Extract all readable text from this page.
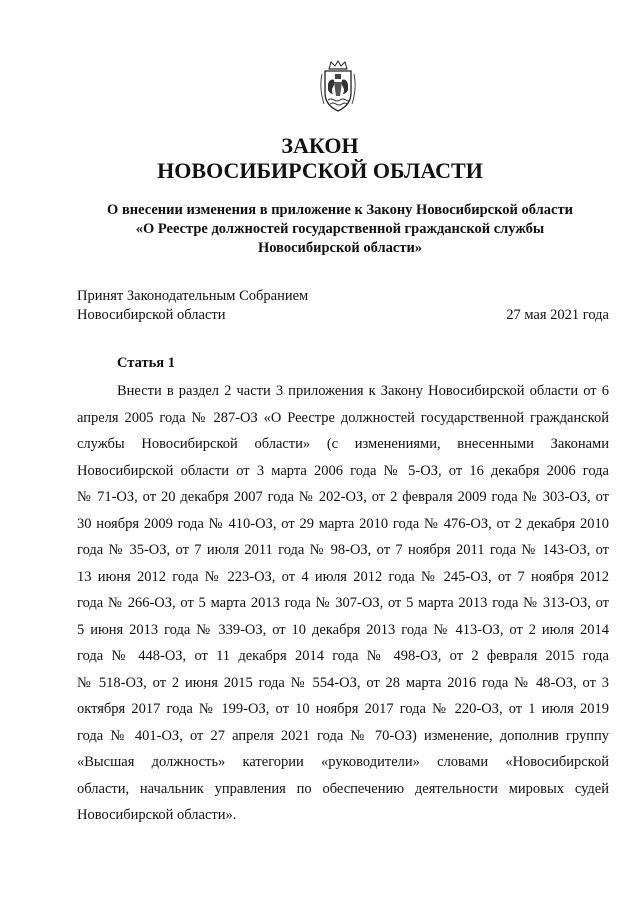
ЗАКОН
НОВОСИБИРСКОЙ ОБЛАСТИ
О внесении изменения в приложение к Закону Новосибирской области
«О Реестре должностей государственной гражданской службы
Новосибирской области»
Принят Законодательным Собранием
Новосибирской области	27 мая 2021 года
Статья 1
Внести в раздел 2 части 3 приложения к Закону Новосибирской области от 6
апреля 2005 года № 287-ОЗ «О Реестре должностей государственной гражданской
службы Новосибирской области» (с изменениями, внесенными Законами
Новосибирской области от 3 марта 2006 года № 5-ОЗ, от 16 декабря 2006 года
№ 71-ОЗ, от 20 декабря 2007 года № 202-ОЗ, от 2 февраля 2009 года № 303-ОЗ, от
30 ноября 2009 года № 410-ОЗ, от 29 марта 2010 года № 476-ОЗ, от 2 декабря 2010
года № 35-ОЗ, от 7 июля 2011 года № 98-ОЗ, от 7 ноября 2011 года № 143-ОЗ, от
13 июня 2012 года № 223-ОЗ, от 4 июля 2012 года № 245-ОЗ, от 7 ноября 2012
года № 266-ОЗ, от 5 марта 2013 года № 307-ОЗ, от 5 марта 2013 года № 313-ОЗ, от
5 июня 2013 года № 339-ОЗ, от 10 декабря 2013 года № 413-ОЗ, от 2 июля 2014
года № 448-ОЗ, от 11 декабря 2014 года № 498-ОЗ, от 2 февраля 2015 года
№ 518-ОЗ, от 2 июня 2015 года № 554-ОЗ, от 28 марта 2016 года № 48-ОЗ, от 3
октября 2017 года № 199-ОЗ, от 10 ноября 2017 года № 220-ОЗ, от 1 июля 2019
года № 401-ОЗ, от 27 апреля 2021 года № 70-ОЗ) изменение, дополнив группу
«Высшая должность» категории «руководители» словами «Новосибирской
области, начальник управления по обеспечению деятельности мировых судей
Новосибирской области».
